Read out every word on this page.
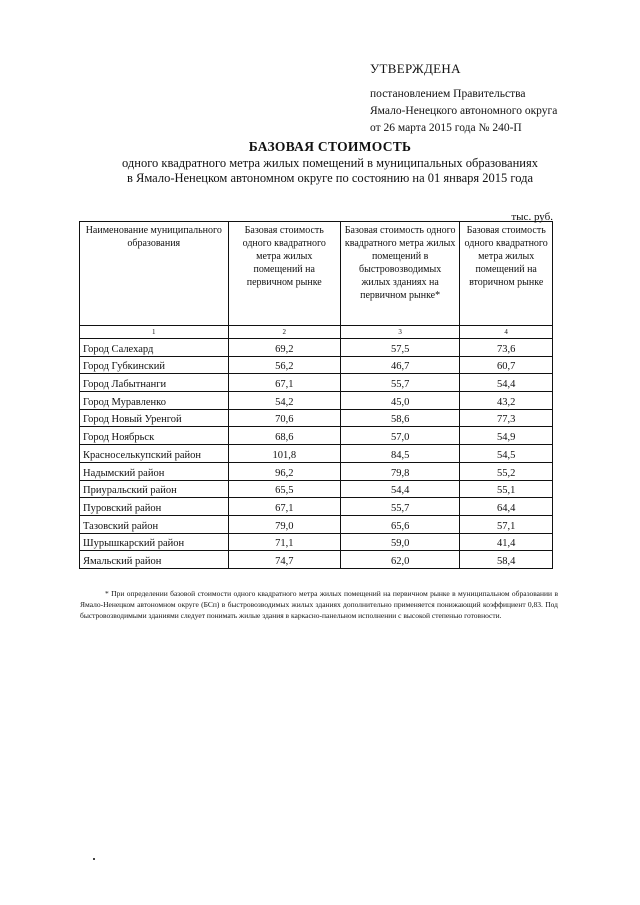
УТВЕРЖДЕНА
постановлением Правительства
Ямало-Ненецкого автономного округа
от 26 марта 2015 года № 240-П
БАЗОВАЯ СТОИМОСТЬ
одного квадратного метра жилых помещений в муниципальных образованиях
в Ямало-Ненецком автономном округе по состоянию на 01 января 2015 года
тыс. руб.
Наименование муниципального образования	Базовая стоимость одного квадратного метра жилых помещений на первичном рынке	Базовая стоимость одного квадратного метра жилых помещений в быстровозводимых жилых зданиях на первичном рынке*	Базовая стоимость одного квадратного метра жилых помещений на вторичном рынке
1	2	3	4
Город Салехард	69,2	57,5	73,6
Город Губкинский	56,2	46,7	60,7
Город Лабытнанги	67,1	55,7	54,4
Город Муравленко	54,2	45,0	43,2
Город Новый Уренгой	70,6	58,6	77,3
Город Ноябрьск	68,6	57,0	54,9
Красноселькупский район	101,8	84,5	54,5
Надымский район	96,2	79,8	55,2
Приуральский район	65,5	54,4	55,1
Пуровский район	67,1	55,7	64,4
Тазовский район	79,0	65,6	57,1
Шурышкарский район	71,1	59,0	41,4
Ямальский район	74,7	62,0	58,4

* При определении базовой стоимости одного квадратного метра жилых помещений на первичном рынке в муниципальном образовании в Ямало-Ненецком автономном округе (БСп) в быстровозводимых жилых зданиях дополнительно применяется понижающий коэффициент 0,83. Под быстровозводимыми зданиями следует понимать жилые здания в каркасно-панельном исполнении с высокой степенью готовности.
